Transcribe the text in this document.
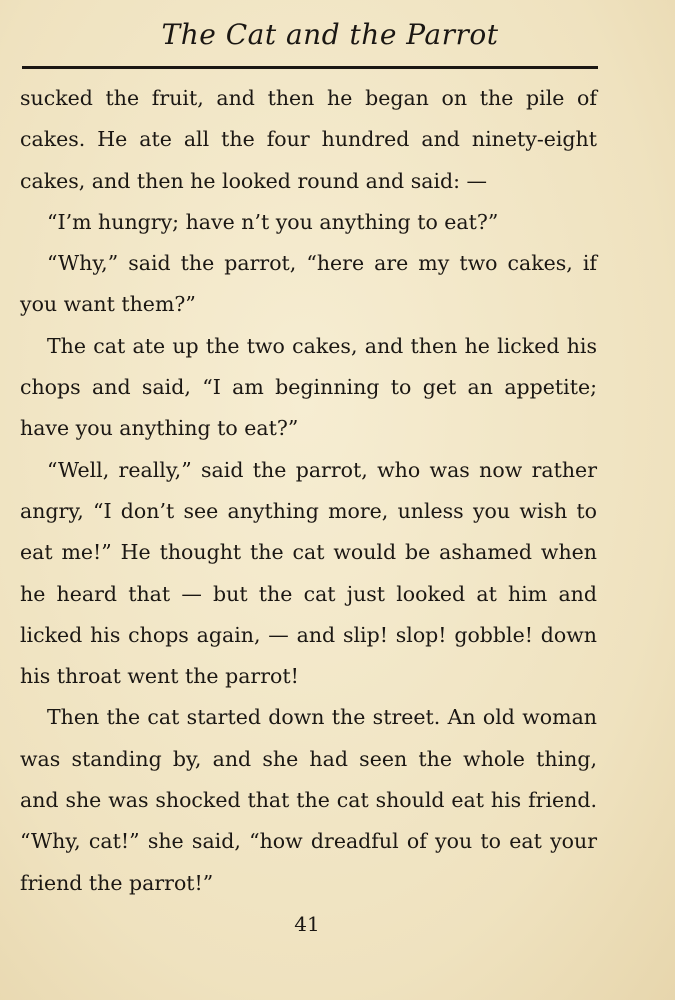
The Cat and the Parrot

sucked the fruit, and then he began on the pile of cakes. He ate all the four hundred and ninety-eight cakes, and then he looked round and said: —

“I’m hungry; have n’t you anything to eat?”

“Why,” said the parrot, “here are my two cakes, if you want them?”

The cat ate up the two cakes, and then he licked his chops and said, “I am beginning to get an appetite; have you anything to eat?”

“Well, really,” said the parrot, who was now rather angry, “I don’t see anything more, unless you wish to eat me!” He thought the cat would be ashamed when he heard that — but the cat just looked at him and licked his chops again, — and slip! slop! gobble! down his throat went the parrot!

Then the cat started down the street. An old woman was standing by, and she had seen the whole thing, and she was shocked that the cat should eat his friend. “Why, cat!” she said, “how dreadful of you to eat your friend the parrot!”

41
